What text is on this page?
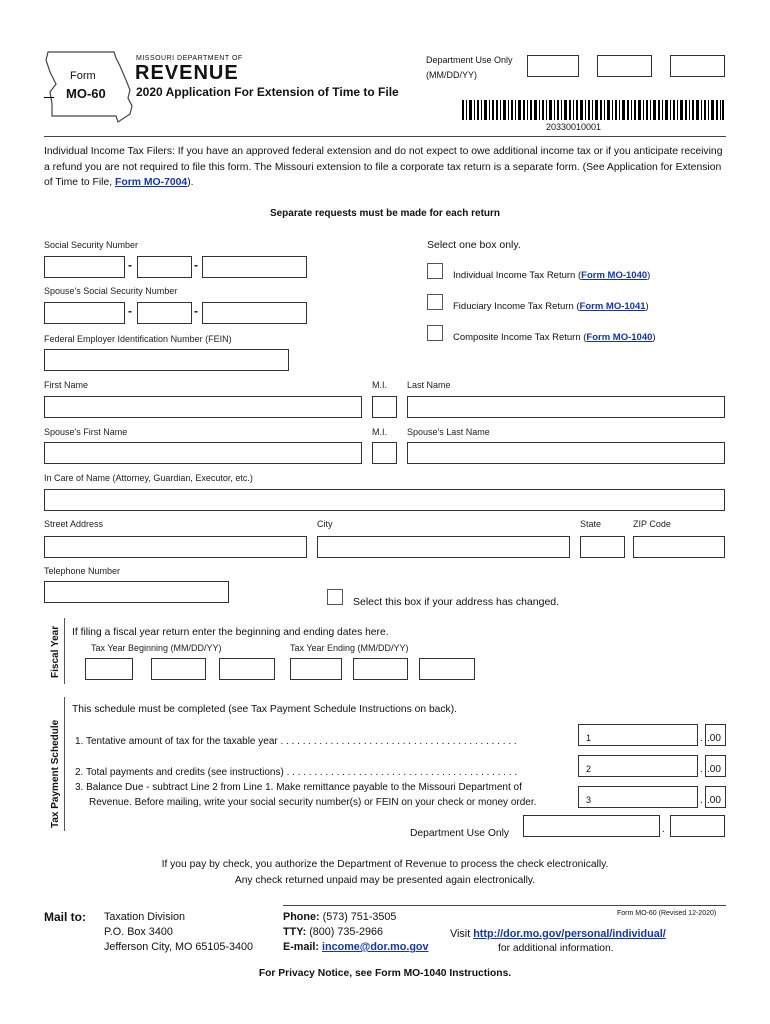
Form
MO-60
MISSOURI DEPARTMENT OF
REVENUE
2020 Application For Extension of Time to File
Department Use Only
(MM/DD/YY)
20330010001
Individual Income Tax Filers: If you have an approved federal extension and do not expect to owe additional income tax or if you anticipate receiving a refund you are not required to file this form. The Missouri extension to file a corporate tax return is a separate form. (See Application for Extension of Time to File, Form MO-7004).
Separate requests must be made for each return
Social Security Number
-	-
Spouse's Social Security Number
-	-
Federal Employer Identification Number (FEIN)
Select one box only.
Individual Income Tax Return (Form MO-1040)
Fiduciary Income Tax Return (Form MO-1041)
Composite Income Tax Return (Form MO-1040)
First Name	M.I. Last Name
Spouse's First Name	M.I. Spouse's Last Name
In Care of Name (Attorney, Guardian, Executor, etc.)
Street Address	City	State	ZIP Code
Telephone Number
Select this box if your address has changed.
Fiscal Year If filing a fiscal year return enter the beginning and ending dates here.
Tax Year Beginning (MM/DD/YY)	Tax Year Ending (MM/DD/YY)
Tax Payment Schedule
This schedule must be completed (see Tax Payment Schedule Instructions on back).
1. Tentative amount of tax for the taxable year . . . . . . . . . . . . . . . . . . . . . . . . . . . . . . . . . . . . . . . . . . .	1	. .00
2. Total payments and credits (see instructions) . . . . . . . . . . . . . . . . . . . . . . . . . . . . . . . . . . . . . . . . . .	2	. .00
3. Balance Due - subtract Line 2 from Line 1. Make remittance payable to the Missouri Department of
Revenue. Before mailing, write your social security number(s) or FEIN on your check or money order.	3	. .00
Department Use Only	.
If you pay by check, you authorize the Department of Revenue to process the check electronically.
Any check returned unpaid may be presented again electronically.
Mail to: Taxation Division
P.O. Box 3400
Jefferson City, MO 65105-3400
Phone: (573) 751-3505
TTY: (800) 735-2966
E-mail: income@dor.mo.gov
Form MO-60 (Revised 12-2020)
Visit http://dor.mo.gov/personal/individual/
for additional information.
For Privacy Notice, see Form MO-1040 Instructions.
